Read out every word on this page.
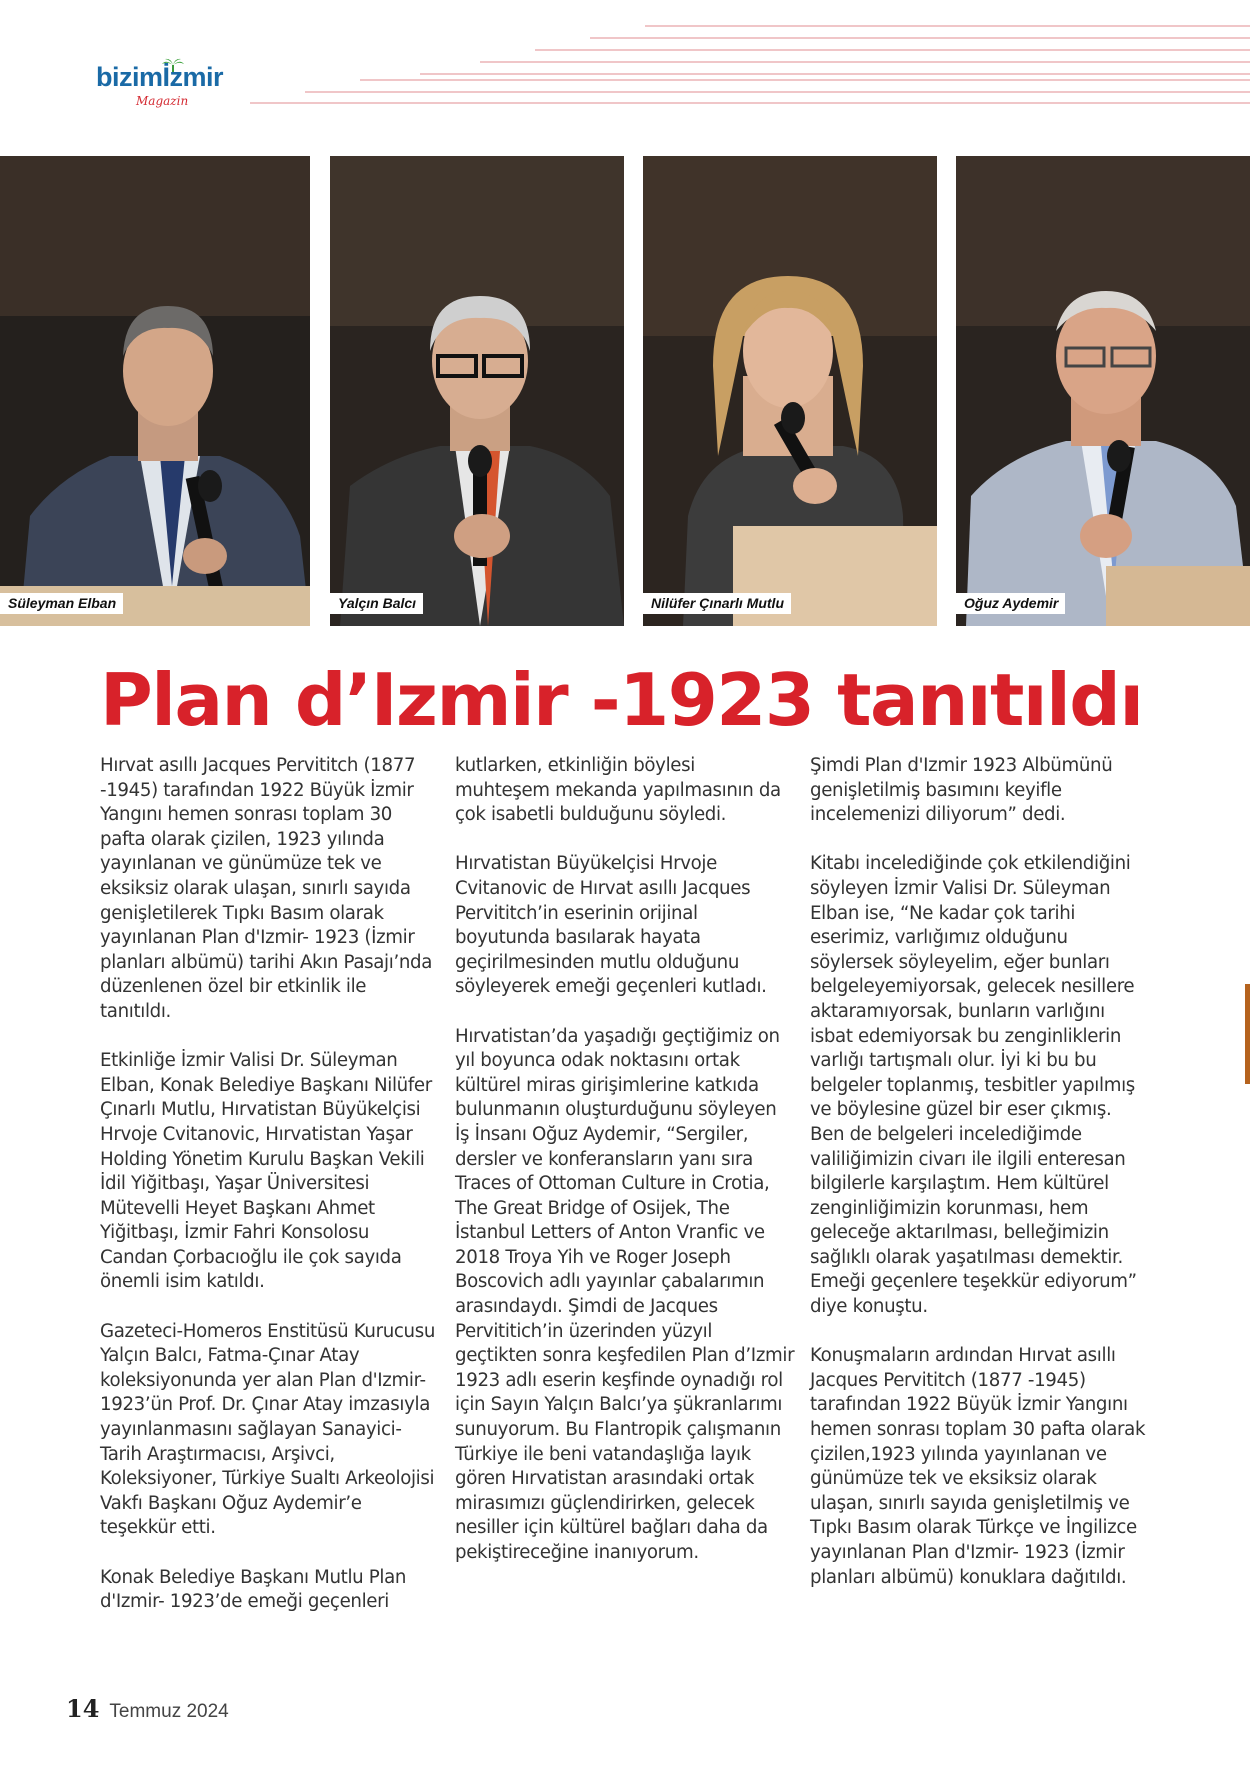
bizimİzmir
Magazin
Süleyman Elban	Yalçın Balcı	Nilüfer Çınarlı Mutlu	Oğuz Aydemir
Plan d’Izmir -1923 tanıtıldı

Hırvat asıllı Jacques Pervititch (1877 -1945) tarafından 1922 Büyük İzmir Yangını hemen sonrası toplam 30 pafta olarak çizilen, 1923 yılında yayınlanan ve günümüze tek ve eksiksiz olarak ulaşan, sınırlı sayıda genişletilerek Tıpkı Basım olarak yayınlanan Plan d'Izmir- 1923 (İzmir planları albümü) tarihi Akın Pasajı’nda düzenlenen özel bir etkinlik ile tanıtıldı.

Etkinliğe İzmir Valisi Dr. Süleyman Elban, Konak Belediye Başkanı Nilüfer Çınarlı Mutlu, Hırvatistan Büyükelçisi Hrvoje Cvitanovic, Hırvatistan Yaşar Holding Yönetim Kurulu Başkan Vekili İdil Yiğitbaşı, Yaşar Üniversitesi Mütevelli Heyet Başkanı Ahmet Yiğitbaşı, İzmir Fahri Konsolosu Candan Çorbacıoğlu ile çok sayıda önemli isim katıldı.

Gazeteci-Homeros Enstitüsü Kurucusu Yalçın Balcı, Fatma-Çınar Atay koleksiyonunda yer alan Plan d'Izmir- 1923’ün Prof. Dr. Çınar Atay imzasıyla yayınlanmasını sağlayan Sanayici-Tarih Araştırmacısı, Arşivci, Koleksiyoner, Türkiye Sualtı Arkeolojisi Vakfı Başkanı Oğuz Aydemir’e teşekkür etti.

Konak Belediye Başkanı Mutlu Plan d'Izmir- 1923’de emeği geçenleri

kutlarken, etkinliğin böylesi muhteşem mekanda yapılmasının da çok isabetli bulduğunu söyledi.

Hırvatistan Büyükelçisi Hrvoje Cvitanovic de Hırvat asıllı Jacques Pervititch’in eserinin orijinal boyutunda basılarak hayata geçirilmesinden mutlu olduğunu söyleyerek emeği geçenleri kutladı.

Hırvatistan’da yaşadığı geçtiğimiz on yıl boyunca odak noktasını ortak kültürel miras girişimlerine katkıda bulunmanın oluşturduğunu söyleyen İş İnsanı Oğuz Aydemir, “Sergiler, dersler ve konferansların yanı sıra Traces of Ottoman Culture in Crotia, The Great Bridge of Osijek, The İstanbul Letters of Anton Vranfic ve 2018 Troya Yih ve Roger Joseph Boscovich adlı yayınlar çabalarımın arasındaydı. Şimdi de Jacques Pervititich’in üzerinden yüzyıl geçtikten sonra keşfedilen Plan d’Izmir 1923 adlı eserin keşfinde oynadığı rol için Sayın Yalçın Balcı’ya şükranlarımı sunuyorum. Bu Flantropik çalışmanın Türkiye ile beni vatandaşlığa layık gören Hırvatistan arasındaki ortak mirasımızı güçlendirirken, gelecek nesiller için kültürel bağları daha da pekiştireceğine inanıyorum.

Şimdi Plan d'Izmir 1923 Albümünü genişletilmiş basımını keyifle incelemenizi diliyorum” dedi.

Kitabı incelediğinde çok etkilendiğini söyleyen İzmir Valisi Dr. Süleyman Elban ise, “Ne kadar çok tarihi eserimiz, varlığımız olduğunu söylersek söyleyelim, eğer bunları belgeleyemiyorsak, gelecek nesillere aktaramıyorsak, bunların varlığını isbat edemiyorsak bu zenginliklerin varlığı tartışmalı olur. İyi ki bu bu belgeler toplanmış, tesbitler yapılmış ve böylesine güzel bir eser çıkmış. Ben de belgeleri incelediğimde valiliğimizin civarı ile ilgili enteresan bilgilerle karşılaştım. Hem kültürel zenginliğimizin korunması, hem geleceğe aktarılması, belleğimizin sağlıklı olarak yaşatılması demektir. Emeği geçenlere teşekkür ediyorum” diye konuştu.

Konuşmaların ardından Hırvat asıllı Jacques Pervititch (1877 -1945) tarafından 1922 Büyük İzmir Yangını hemen sonrası toplam 30 pafta olarak çizilen,1923 yılında yayınlanan ve günümüze tek ve eksiksiz olarak ulaşan, sınırlı sayıda genişletilmiş ve Tıpkı Basım olarak Türkçe ve İngilizce yayınlanan Plan d'Izmir- 1923 (İzmir planları albümü) konuklara dağıtıldı.

14 Temmuz 2024
